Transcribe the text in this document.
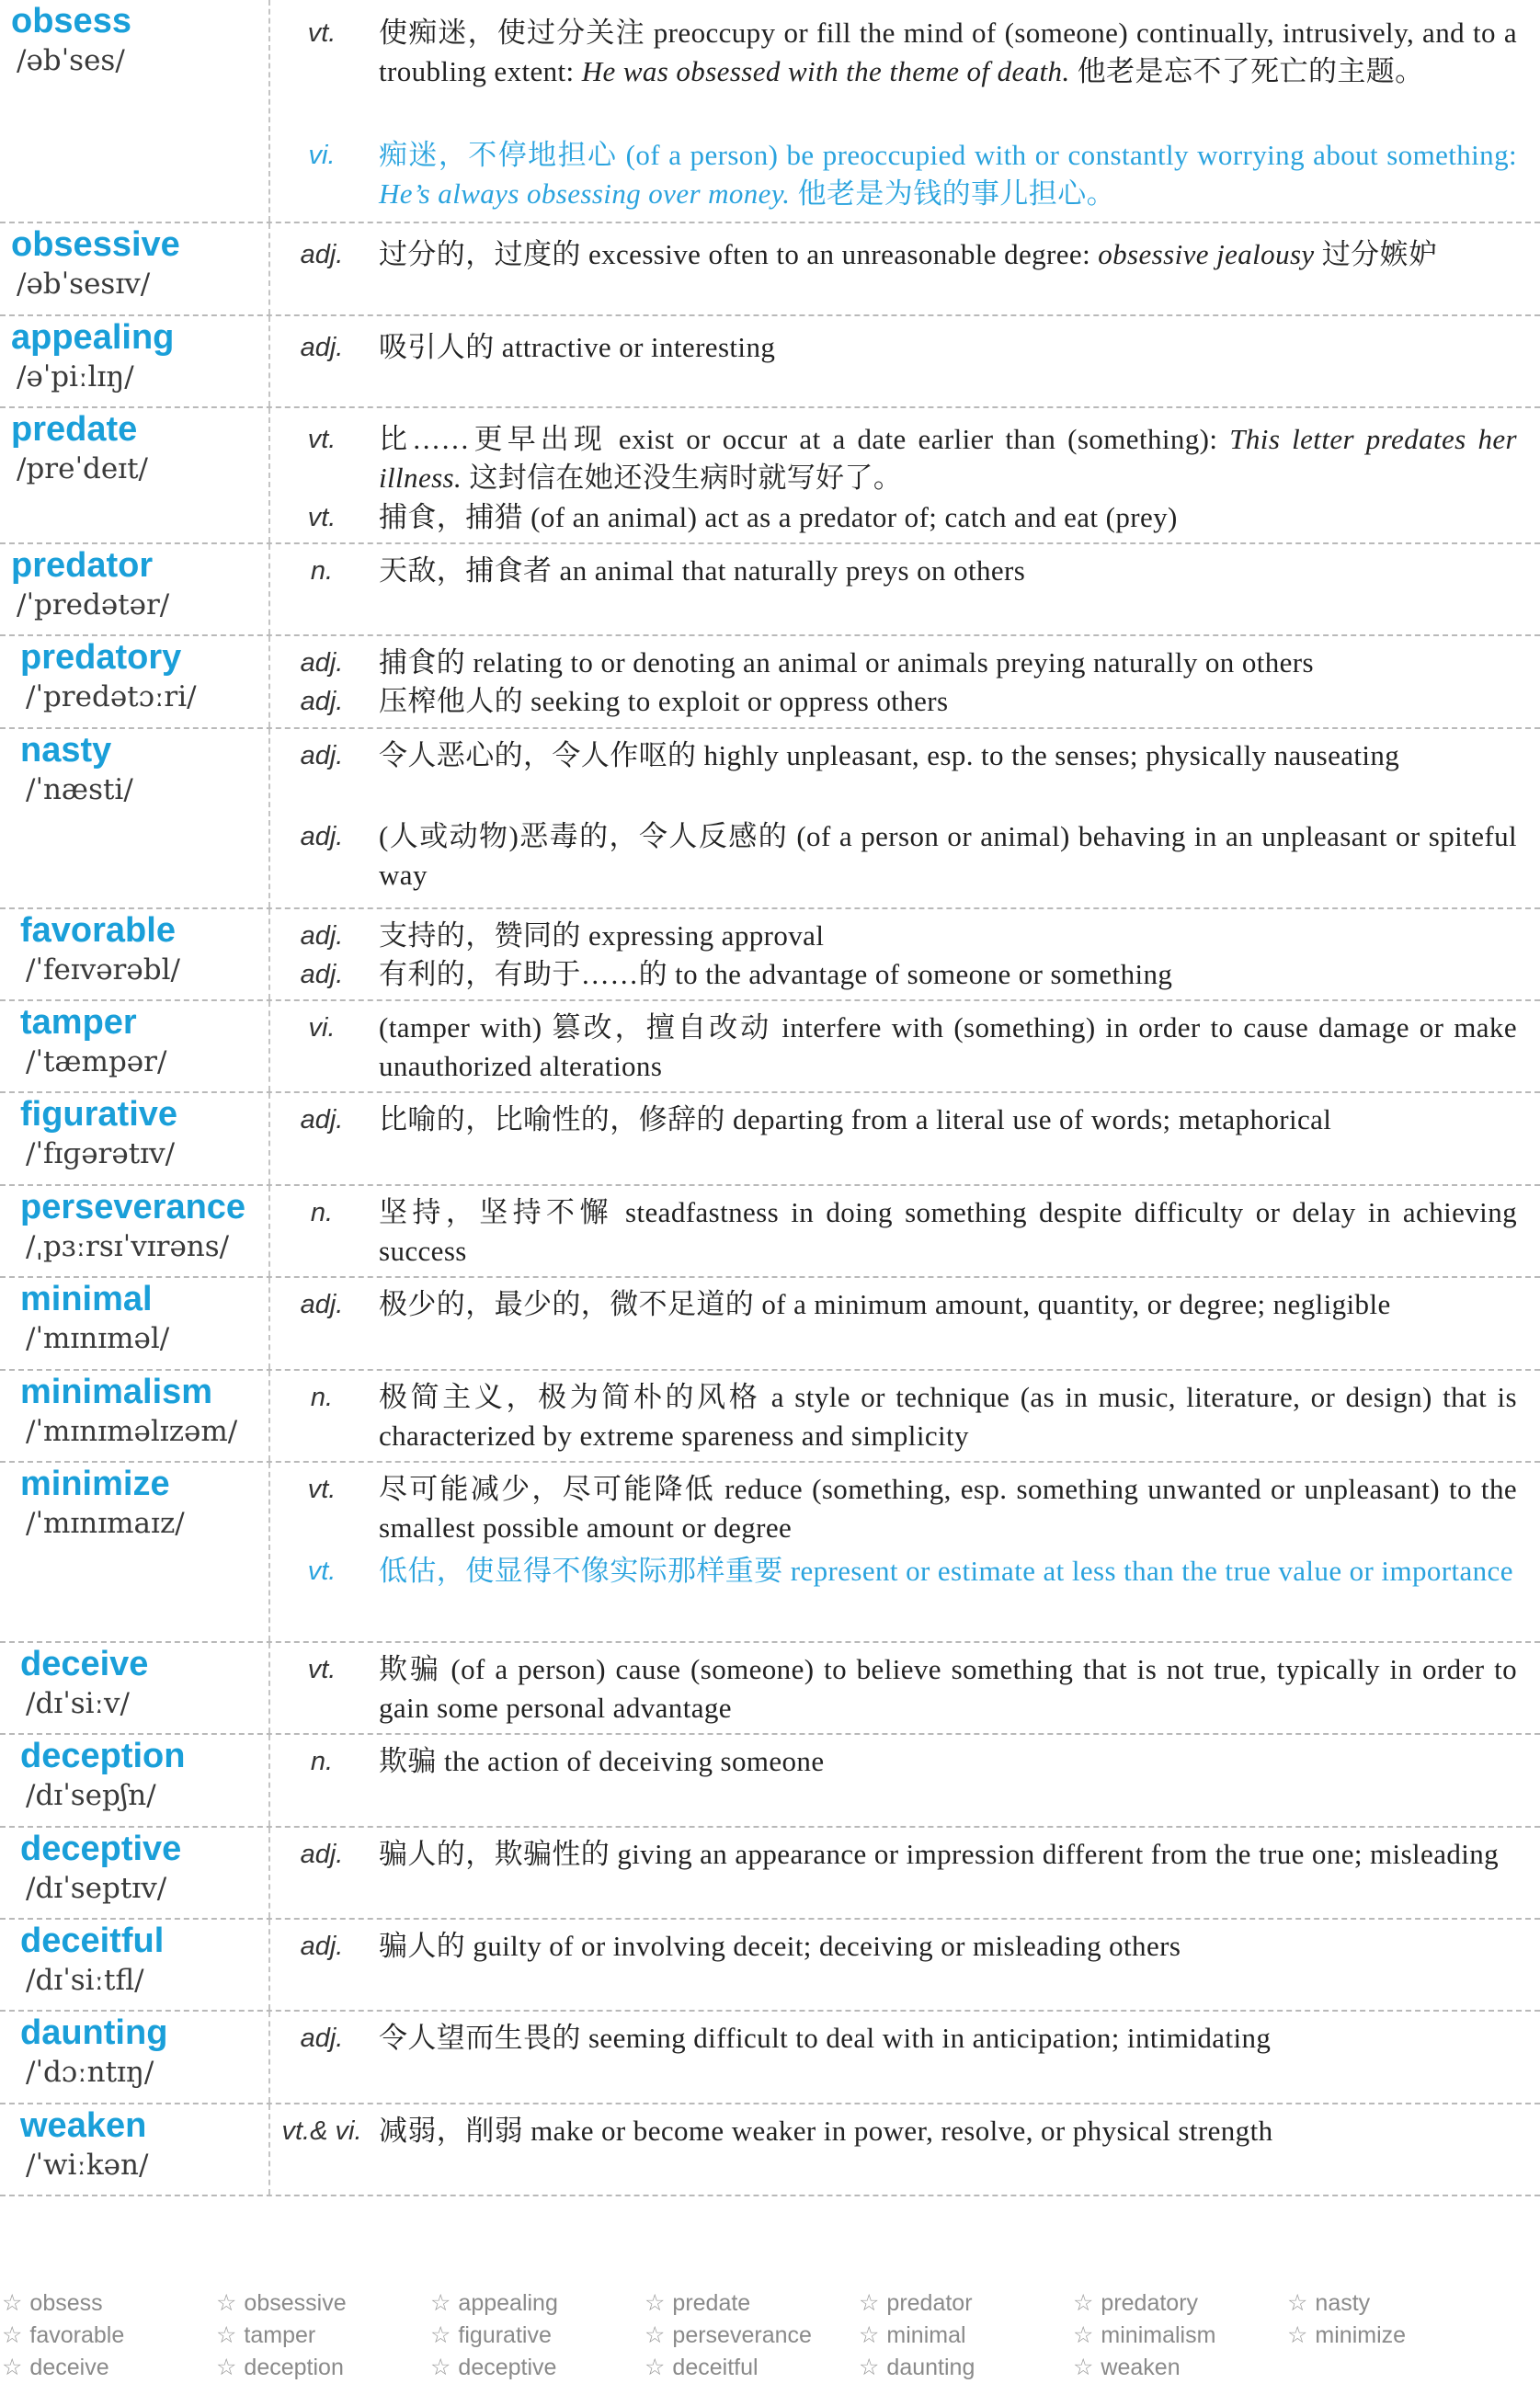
obsess
/əbˈses/
vt.	使痴迷，使过分关注 preoccupy or fill the mind of (someone) continually, intrusively, and to a troubling extent: He was obsessed with the theme of death. 他老是忘不了死亡的主题。
vi.	痴迷，不停地担心 (of a person) be preoccupied with or constantly worrying about something: He’s always obsessing over money. 他老是为钱的事儿担心。
obsessive
/əbˈsesɪv/
adj.	过分的，过度的 excessive often to an unreasonable degree: obsessive jealousy 过分嫉妒
appealing
/əˈpiːlɪŋ/
adj.	吸引人的 attractive or interesting
predate
/preˈdeɪt/
vt.	比……更早出现 exist or occur at a date earlier than (something): This letter predates her illness. 这封信在她还没生病时就写好了。
vt.	捕食，捕猎 (of an animal) act as a predator of; catch and eat (prey)
predator
/ˈpredətər/
n.	天敌，捕食者 an animal that naturally preys on others
predatory
/ˈpredətɔːri/
adj.	捕食的 relating to or denoting an animal or animals preying naturally on others
adj.	压榨他人的 seeking to exploit or oppress others
nasty
/ˈnæsti/
adj.	令人恶心的，令人作呕的 highly unpleasant, esp. to the senses; physically nauseating
adj.	(人或动物)恶毒的，令人反感的 (of a person or animal) behaving in an unpleasant or spiteful way
favorable
/ˈfeɪvərəbl/
adj.	支持的，赞同的 expressing approval
adj.	有利的，有助于……的 to the advantage of someone or something
tamper
/ˈtæmpər/
vi.	(tamper with) 篡改，擅自改动 interfere with (something) in order to cause damage or make unauthorized alterations
figurative
/ˈfɪɡərətɪv/
adj.	比喻的，比喻性的，修辞的 departing from a literal use of words; metaphorical
perseverance
/ˌpɜːrsɪˈvɪrəns/
n.	坚持，坚持不懈 steadfastness in doing something despite difficulty or delay in achieving success
minimal
/ˈmɪnɪməl/
adj.	极少的，最少的，微不足道的 of a minimum amount, quantity, or degree; negligible
minimalism
/ˈmɪnɪməlɪzəm/
n.	极简主义，极为简朴的风格 a style or technique (as in music, literature, or design) that is characterized by extreme spareness and simplicity
minimize
/ˈmɪnɪmaɪz/
vt.	尽可能减少，尽可能降低 reduce (something, esp. something unwanted or unpleasant) to the smallest possible amount or degree
vt.	低估，使显得不像实际那样重要 represent or estimate at less than the true value or importance
deceive
/dɪˈsiːv/
vt.	欺骗 (of a person) cause (someone) to believe something that is not true, typically in order to gain some personal advantage
deception
/dɪˈsepʃn/
n.	欺骗 the action of deceiving someone
deceptive
/dɪˈseptɪv/
adj.	骗人的，欺骗性的 giving an appearance or impression different from the true one; misleading
deceitful
/dɪˈsiːtfl/
adj.	骗人的 guilty of or involving deceit; deceiving or misleading others
daunting
/ˈdɔːntɪŋ/
adj.	令人望而生畏的 seeming difficult to deal with in anticipation; intimidating
weaken
/ˈwiːkən/
vt.& vi. 减弱，削弱 make or become weaker in power, resolve, or physical strength
☆ obsess	☆ obsessive	☆ appealing	☆ predate	☆ predator	☆ predatory	☆ nasty
☆ favorable	☆ tamper	☆ figurative	☆ perseverance ☆ minimal	☆ minimalism	☆ minimize
☆ deceive	☆ deception	☆ deceptive	☆ deceitful	☆ daunting	☆ weaken
